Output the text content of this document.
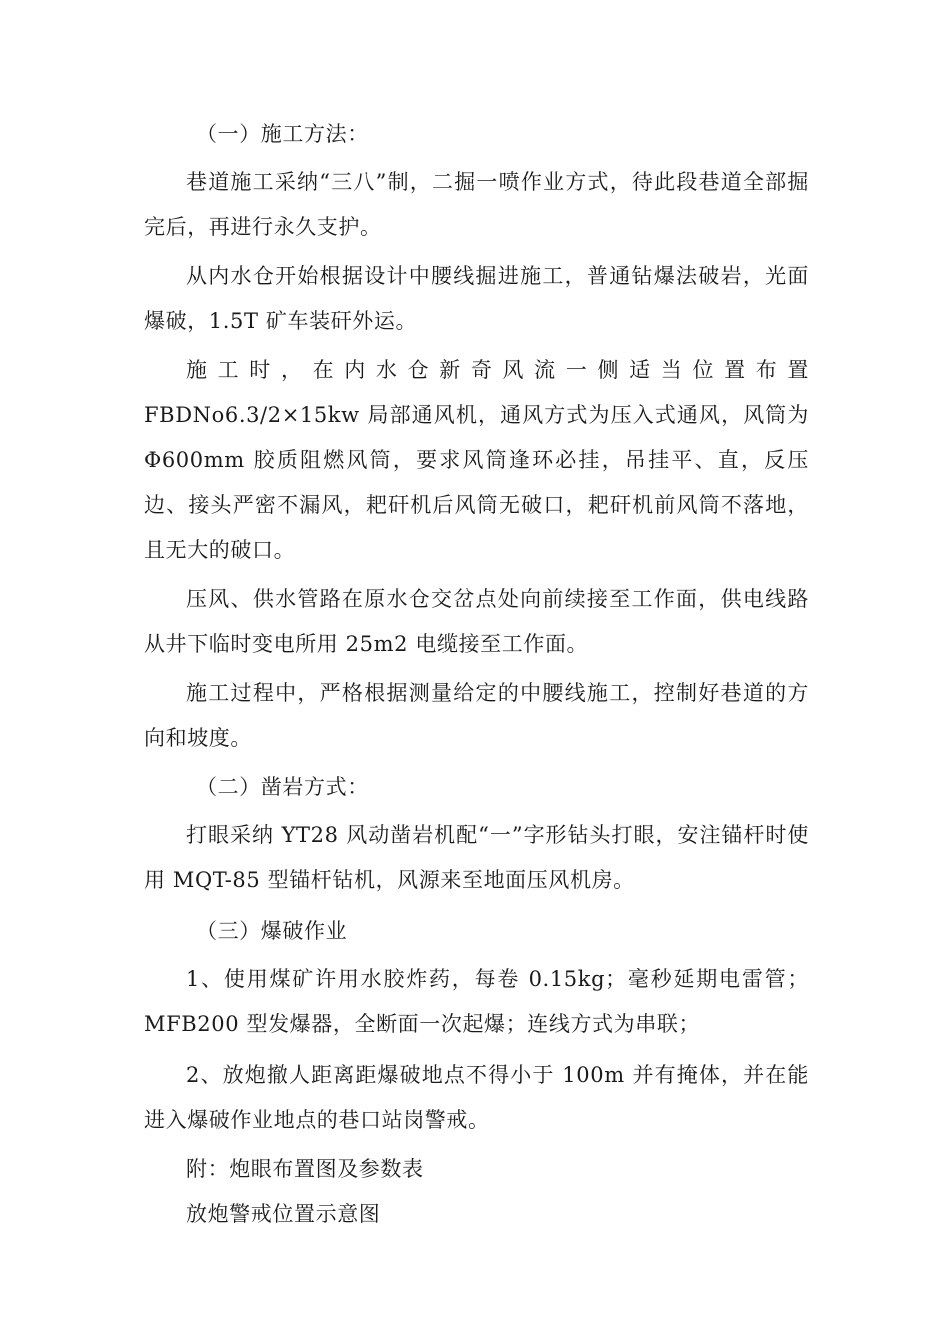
（一）施工方法：

巷道施工采纳“三八”制，二掘一喷作业方式，待此段巷道全部掘完后，再进行永久支护。

从内水仓开始根据设计中腰线掘进施工，普通钻爆法破岩，光面爆破，1.5T 矿车装矸外运。

施工时，在内水仓新奇风流一侧适当位置布置 FBDNo6.3/2×15kw 局部通风机，通风方式为压入式通风，风筒为 Φ600mm 胶质阻燃风筒，要求风筒逢环必挂，吊挂平、直，反压边、接头严密不漏风，耙矸机后风筒无破口，耙矸机前风筒不落地，且无大的破口。

压风、供水管路在原水仓交岔点处向前续接至工作面，供电线路从井下临时变电所用 25m2 电缆接至工作面。

施工过程中，严格根据测量给定的中腰线施工，控制好巷道的方向和坡度。

（二）凿岩方式：

打眼采纳 YT28 风动凿岩机配“一”字形钻头打眼，安注锚杆时使用 MQT-85 型锚杆钻机，风源来至地面压风机房。

（三）爆破作业

1、使用煤矿许用水胶炸药，每卷 0.15kg；毫秒延期电雷管；MFB200 型发爆器，全断面一次起爆；连线方式为串联；

2、放炮撤人距离距爆破地点不得小于 100m 并有掩体，并在能进入爆破作业地点的巷口站岗警戒。

附：炮眼布置图及参数表

放炮警戒位置示意图
